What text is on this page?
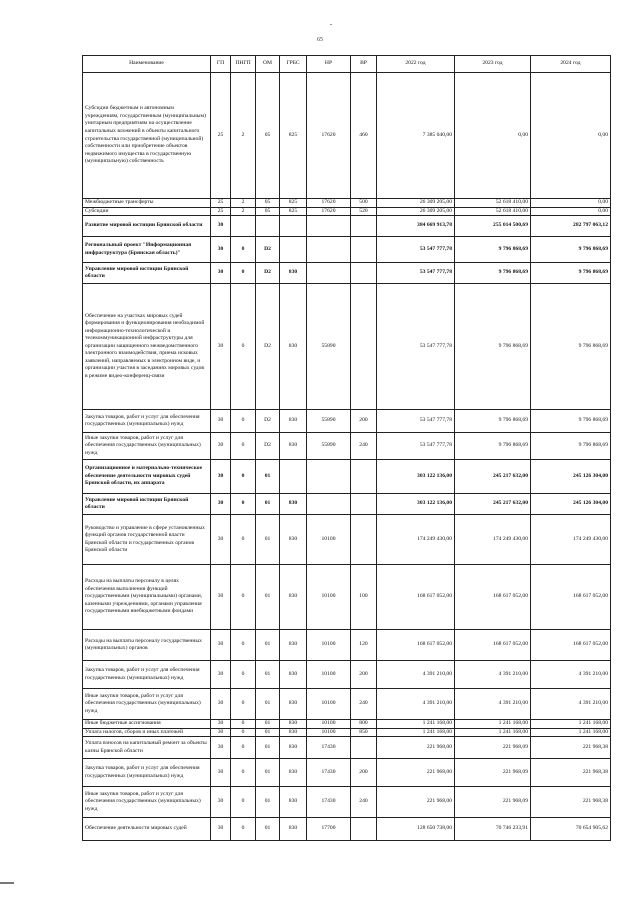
65
Наименование	ГП	ПНГП	ОМ	ГРБС	НР	ВР	2022 год	2023 год	2024 год
Субсидии бюджетным и автономным учреждениям, государственным (муниципальным) унитарным предприятиям на осуществление капитальных вложений в объекты капитального строительства государственной (муниципальной) собственности или приобретение объектов недвижимого имущества в государственную (муниципальную) собственность	25	2	05	825	17620	460	7 385 040,00	0,00	0,00
Межбюджетные трансферты	25	2	05	825	17620	500	26 309 205,00	52 618 410,00	0,00
Субсидии	25	2	05	825	17620	520	26 309 205,00	52 618 410,00	0,00
Развитие мировой юстиции Брянской области	30						384 669 913,78	255 014 500,69	282 797 063,12
Региональный проект "Информационная инфраструктура (Брянская область)"	30	0	D2				53 547 777,78	9 796 868,69	9 796 868,69
Управление мировой юстиции Брянской области	30	0	D2	830			53 547 777,78	9 796 868,69	9 796 868,69
Обеспечение на участках мировых судей формирования и функционирования необходимой информационно-технологической и телекоммуникационной инфраструктуры для организации защищенного межведомственного электронного взаимодействия, приема исковых заявлений, направляемых в электронном виде, и организации участия в заседаниях мировых судов в режиме видео-конференц-связи	30	0	D2	830	55890		53 547 777,78	9 796 868,69	9 796 868,69
Закупка товаров, работ и услуг для обеспечения государственных (муниципальных) нужд	30	0	D2	830	55890	200	53 547 777,78	9 796 868,69	9 796 868,69
Иные закупки товаров, работ и услуг для обеспечения государственных (муниципальных) нужд	30	0	D2	830	55890	240	53 547 777,78	9 796 868,69	9 796 868,69
Организационное и материально-техническое обеспечение деятельности мировых судей Брянской области, их аппарата	30	0	01				303 122 136,00	245 217 632,00	245 126 304,00
Управление мировой юстиции Брянской области	30	0	01	830			303 122 136,00	245 217 632,00	245 126 304,00
Руководство и управление в сфере установленных функций органов государственной власти Брянской области и государственных органов Брянской области	30	0	01	830	10100		174 249 430,00	174 249 430,00	174 249 430,00
Расходы на выплаты персоналу в целях обеспечения выполнения функций государственными (муниципальными) органами, казенными учреждениями, органами управления государственными внебюджетными фондами	30	0	01	830	10100	100	168 617 052,00	168 617 052,00	168 617 052,00
Расходы на выплаты персоналу государственных (муниципальных) органов	30	0	01	830	10100	120	168 617 052,00	168 617 052,00	168 617 052,00
Закупка товаров, работ и услуг для обеспечения государственных (муниципальных) нужд	30	0	01	830	10100	200	4 391 210,00	4 391 210,00	4 391 210,00
Иные закупки товаров, работ и услуг для обеспечения государственных (муниципальных) нужд	30	0	01	830	10100	240	4 391 210,00	4 391 210,00	4 391 210,00
Иные бюджетные ассигнования	30	0	01	830	10100	800	1 241 168,00	1 241 168,00	1 241 168,00
Уплата налогов, сборов и иных платежей	30	0	01	830	10100	850	1 241 168,00	1 241 168,00	1 241 168,00
Уплата взносов на капитальный ремонт за объекты казны Брянской области	30	0	01	830	17430		221 968,00	221 968,09	221 968,38
Закупка товаров, работ и услуг для обеспечения государственных (муниципальных) нужд	30	0	01	830	17430	200	221 968,00	221 968,09	221 968,38
Иные закупки товаров, работ и услуг для обеспечения государственных (муниципальных) нужд	30	0	01	830	17430	240	221 968,00	221 968,09	221 968,38
Обеспечение деятельности мировых судей	30	0	01	830	17700		128 650 738,00	70 746 233,91	70 654 905,62
